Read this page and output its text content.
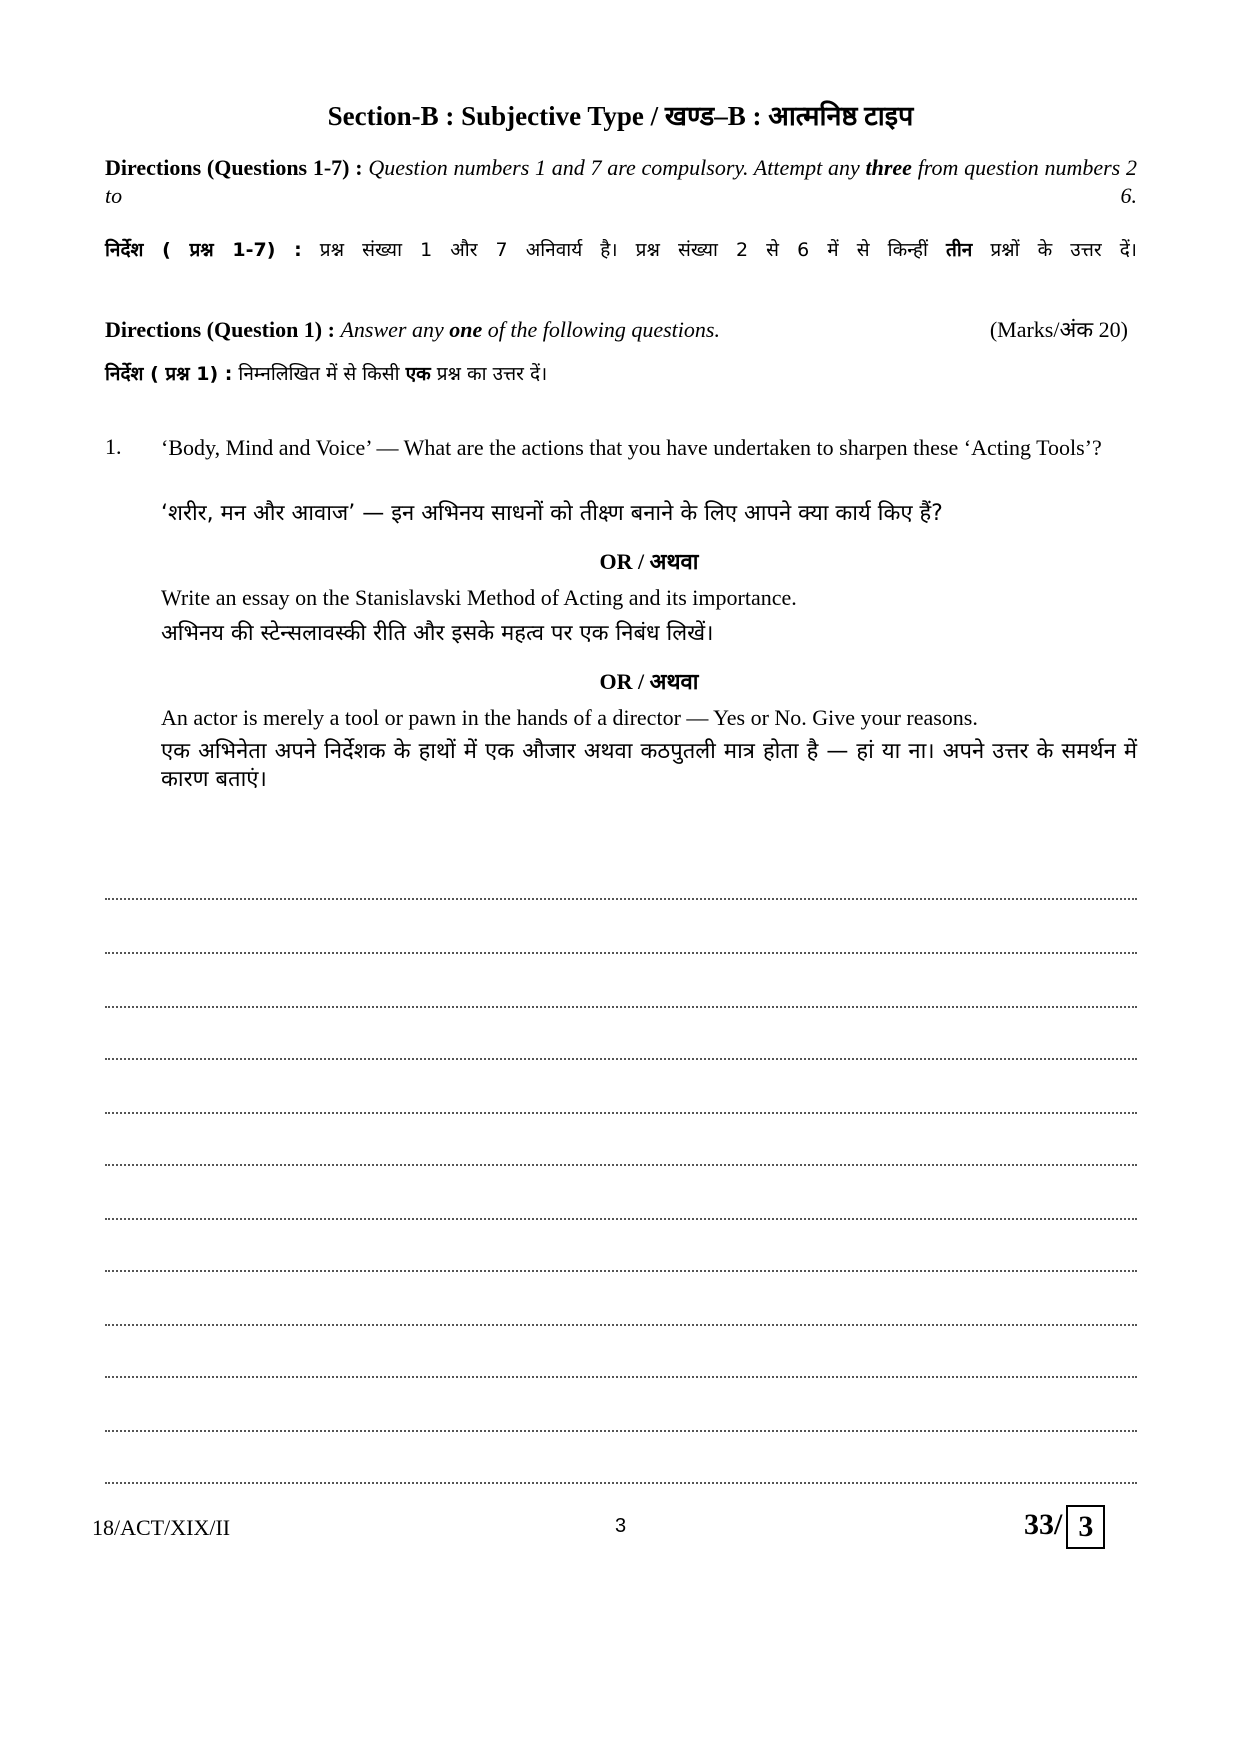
Section-B : Subjective Type / खण्ड–B : आत्मनिष्ठ टाइप
Directions (Questions 1-7) : Question numbers 1 and 7 are compulsory. Attempt any three from question numbers 2 to 6.
निर्देश ( प्रश्न 1-7) : प्रश्न संख्या 1 और 7 अनिवार्य है। प्रश्न संख्या 2 से 6 में से किन्हीं तीन प्रश्नों के उत्तर दें।
Directions (Question 1) : Answer any one of the following questions.	(Marks/अंक 20)
निर्देश ( प्रश्न 1) : निम्नलिखित में से किसी एक प्रश्न का उत्तर दें।
1. ‘Body, Mind and Voice’ — What are the actions that you have undertaken to sharpen these ‘Acting Tools’?
‘शरीर, मन और आवाज’ — इन अभिनय साधनों को तीक्ष्ण बनाने के लिए आपने क्या कार्य किए हैं?
OR / अथवा
Write an essay on the Stanislavski Method of Acting and its importance.
अभिनय की स्टेन्सलावस्की रीति और इसके महत्व पर एक निबंध लिखें।
OR / अथवा
An actor is merely a tool or pawn in the hands of a director — Yes or No. Give your reasons.
एक अभिनेता अपने निर्देशक के हाथों में एक औजार अथवा कठपुतली मात्र होता है — हां या ना। अपने उत्तर के समर्थन में कारण बताएं।
18/ACT/XIX/II	3	33/ 3
